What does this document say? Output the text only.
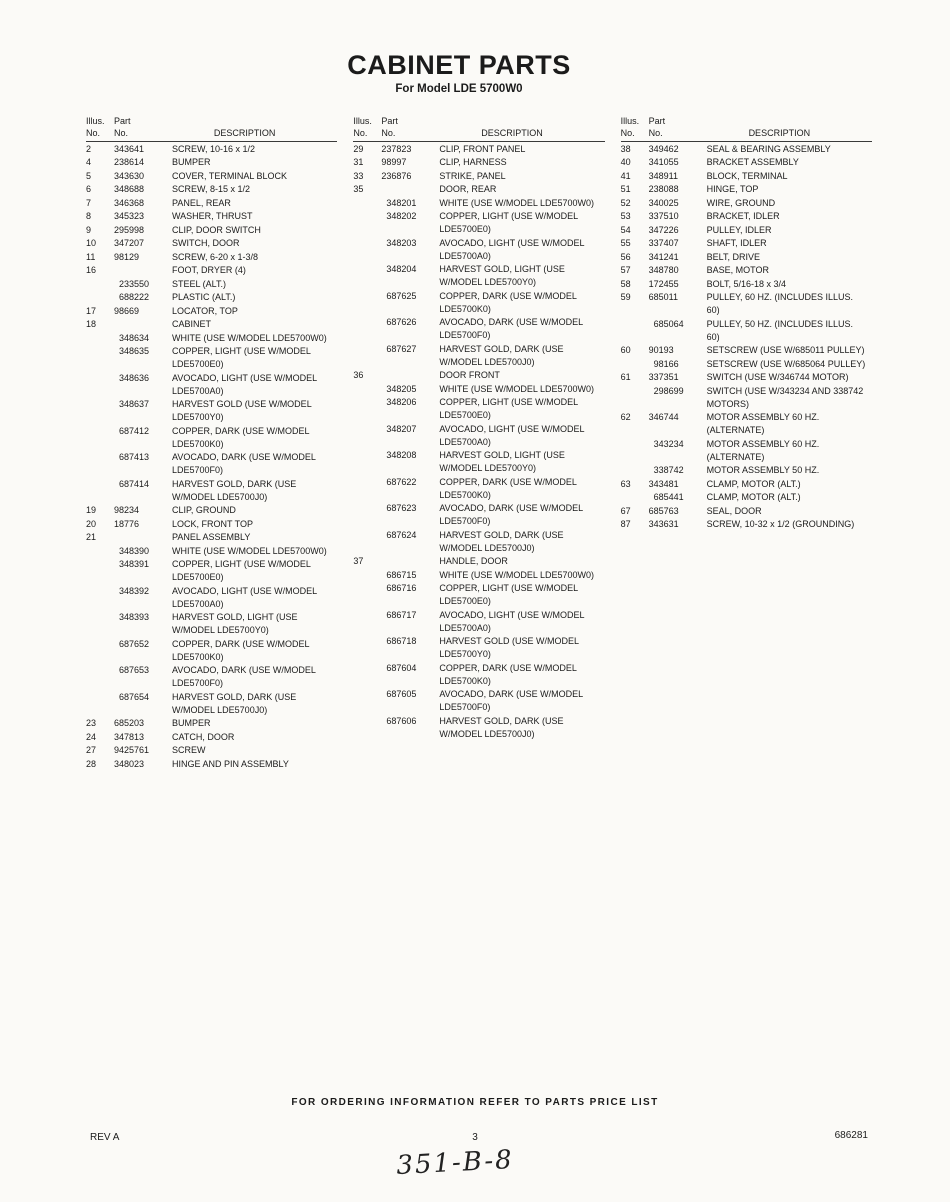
CABINET PARTS
For Model LDE 5700W0
Illus.	Part	
No.	No.	DESCRIPTION
2	343641	SCREW, 10-16 x 1/2
4	238614	BUMPER
5	343630	COVER, TERMINAL BLOCK
6	348688	SCREW, 8-15 x 1/2
7	346368	PANEL, REAR
8	345323	WASHER, THRUST
9	295998	CLIP, DOOR SWITCH
10	347207	SWITCH, DOOR
11	98129	SCREW, 6-20 x 1-3/8
16		FOOT, DRYER (4)
	233550	STEEL (ALT.)
	688222	PLASTIC (ALT.)
17	98669	LOCATOR, TOP
18		CABINET
	348634	WHITE (USE W/MODEL LDE5700W0)
	348635	COPPER, LIGHT (USE W/MODEL LDE5700E0)
	348636	AVOCADO, LIGHT (USE W/MODEL LDE5700A0)
	348637	HARVEST GOLD (USE W/MODEL LDE5700Y0)
	687412	COPPER, DARK (USE W/MODEL LDE5700K0)
	687413	AVOCADO, DARK (USE W/MODEL LDE5700F0)
	687414	HARVEST GOLD, DARK (USE W/MODEL LDE5700J0)
19	98234	CLIP, GROUND
20	18776	LOCK, FRONT TOP
21		PANEL ASSEMBLY
	348390	WHITE (USE W/MODEL LDE5700W0)
	348391	COPPER, LIGHT (USE W/MODEL LDE5700E0)
	348392	AVOCADO, LIGHT (USE W/MODEL LDE5700A0)
	348393	HARVEST GOLD, LIGHT (USE W/MODEL LDE5700Y0)
	687652	COPPER, DARK (USE W/MODEL LDE5700K0)
	687653	AVOCADO, DARK (USE W/MODEL LDE5700F0)
	687654	HARVEST GOLD, DARK (USE W/MODEL LDE5700J0)
23	685203	BUMPER
24	347813	CATCH, DOOR
27	9425761	SCREW
28	348023	HINGE AND PIN ASSEMBLY
Illus.	Part	
No.	No.	DESCRIPTION
29	237823	CLIP, FRONT PANEL
31	98997	CLIP, HARNESS
33	236876	STRIKE, PANEL
35		DOOR, REAR
	348201	WHITE (USE W/MODEL LDE5700W0)
	348202	COPPER, LIGHT (USE W/MODEL LDE5700E0)
	348203	AVOCADO, LIGHT (USE W/MODEL LDE5700A0)
	348204	HARVEST GOLD, LIGHT (USE W/MODEL LDE5700Y0)
	687625	COPPER, DARK (USE W/MODEL LDE5700K0)
	687626	AVOCADO, DARK (USE W/MODEL LDE5700F0)
	687627	HARVEST GOLD, DARK (USE W/MODEL LDE5700J0)
36		DOOR FRONT
	348205	WHITE (USE W/MODEL LDE5700W0)
	348206	COPPER, LIGHT (USE W/MODEL LDE5700E0)
	348207	AVOCADO, LIGHT (USE W/MODEL LDE5700A0)
	348208	HARVEST GOLD, LIGHT (USE W/MODEL LDE5700Y0)
	687622	COPPER, DARK (USE W/MODEL LDE5700K0)
	687623	AVOCADO, DARK (USE W/MODEL LDE5700F0)
	687624	HARVEST GOLD, DARK (USE W/MODEL LDE5700J0)
37		HANDLE, DOOR
	686715	WHITE (USE W/MODEL LDE5700W0)
	686716	COPPER, LIGHT (USE W/MODEL LDE5700E0)
	686717	AVOCADO, LIGHT (USE W/MODEL LDE5700A0)
	686718	HARVEST GOLD (USE W/MODEL LDE5700Y0)
	687604	COPPER, DARK (USE W/MODEL LDE5700K0)
	687605	AVOCADO, DARK (USE W/MODEL LDE5700F0)
	687606	HARVEST GOLD, DARK (USE W/MODEL LDE5700J0)
Illus.	Part	
No.	No.	DESCRIPTION
38	349462	SEAL & BEARING ASSEMBLY
40	341055	BRACKET ASSEMBLY
41	348911	BLOCK, TERMINAL
51	238088	HINGE, TOP
52	340025	WIRE, GROUND
53	337510	BRACKET, IDLER
54	347226	PULLEY, IDLER
55	337407	SHAFT, IDLER
56	341241	BELT, DRIVE
57	348780	BASE, MOTOR
58	172455	BOLT, 5/16-18 x 3/4
59	685011	PULLEY, 60 HZ. (INCLUDES ILLUS. 60)
	685064	PULLEY, 50 HZ. (INCLUDES ILLUS. 60)
60	90193	SETSCREW (USE W/685011 PULLEY)
	98166	SETSCREW (USE W/685064 PULLEY)
61	337351	SWITCH (USE W/346744 MOTOR)
	298699	SWITCH (USE W/343234 AND 338742 MOTORS)
62	346744	MOTOR ASSEMBLY 60 HZ. (ALTERNATE)
	343234	MOTOR ASSEMBLY 60 HZ. (ALTERNATE)
	338742	MOTOR ASSEMBLY 50 HZ.
63	343481	CLAMP, MOTOR (ALT.)
	685441	CLAMP, MOTOR (ALT.)
67	685763	SEAL, DOOR
87	343631	SCREW, 10-32 x 1/2 (GROUNDING)
FOR ORDERING INFORMATION REFER TO PARTS PRICE LIST
REV A	3	686281
351-B-8
